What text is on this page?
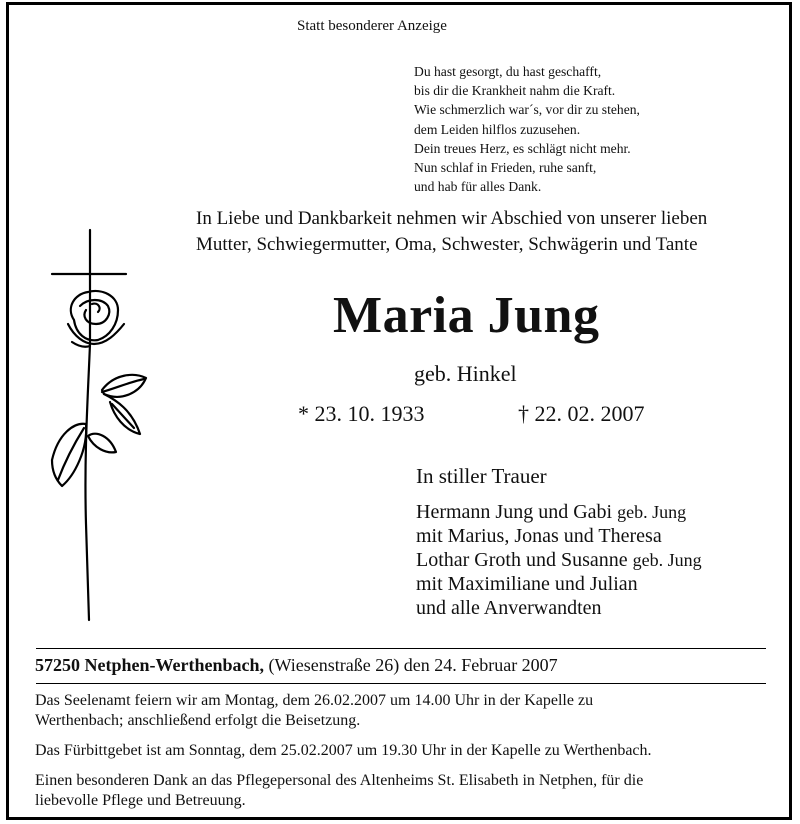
Statt besonderer Anzeige
Du hast gesorgt, du hast geschafft,
bis dir die Krankheit nahm die Kraft.
Wie schmerzlich war´s, vor dir zu stehen,
dem Leiden hilflos zuzusehen.
Dein treues Herz, es schlägt nicht mehr.
Nun schlaf in Frieden, ruhe sanft,
und hab für alles Dank.
In Liebe und Dankbarkeit nehmen wir Abschied von unserer lieben
Mutter, Schwiegermutter, Oma, Schwester, Schwägerin und Tante
Maria Jung
geb. Hinkel
* 23. 10. 1933	† 22. 02. 2007
In stiller Trauer
Hermann Jung und Gabi geb. Jung
mit Marius, Jonas und Theresa
Lothar Groth und Susanne geb. Jung
mit Maximiliane und Julian
und alle Anverwandten
57250 Netphen-Werthenbach, (Wiesenstraße 26) den 24. Februar 2007
Das Seelenamt feiern wir am Montag, dem 26.02.2007 um 14.00 Uhr in der Kapelle zu
Werthenbach; anschließend erfolgt die Beisetzung.
Das Fürbittgebet ist am Sonntag, dem 25.02.2007 um 19.30 Uhr in der Kapelle zu Werthenbach.
Einen besonderen Dank an das Pflegepersonal des Altenheims St. Elisabeth in Netphen, für die
liebevolle Pflege und Betreuung.
